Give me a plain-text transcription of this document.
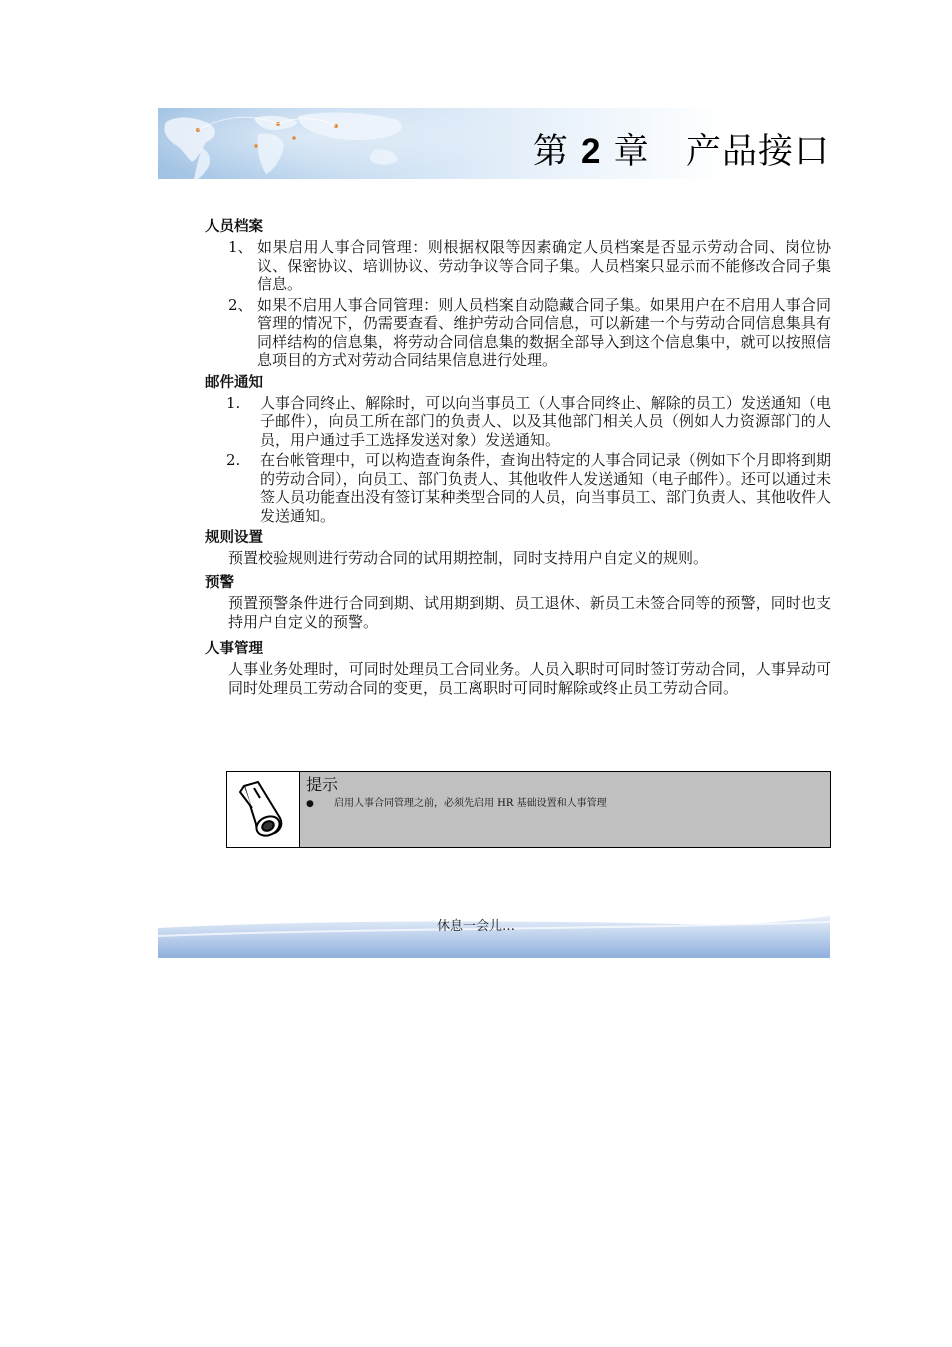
第 2 章 产品接口
人员档案
1、 如果启用人事合同管理：则根据权限等因素确定人员档案是否显示劳动合同、岗位协议、保密协议、培训协议、劳动争议等合同子集。人员档案只显示而不能修改合同子集信息。
2、 如果不启用人事合同管理：则人员档案自动隐藏合同子集。如果用户在不启用人事合同管理的情况下，仍需要查看、维护劳动合同信息，可以新建一个与劳动合同信息集具有同样结构的信息集，将劳动合同信息集的数据全部导入到这个信息集中，就可以按照信息项目的方式对劳动合同结果信息进行处理。
邮件通知
1.	人事合同终止、解除时，可以向当事员工（人事合同终止、解除的员工）发送通知（电子邮件），向员工所在部门的负责人、以及其他部门相关人员（例如人力资源部门的人员，用户通过手工选择发送对象）发送通知。
2.	在台帐管理中，可以构造查询条件，查询出特定的人事合同记录（例如下个月即将到期的劳动合同），向员工、部门负责人、其他收件人发送通知（电子邮件）。还可以通过未签人员功能查出没有签订某种类型合同的人员，向当事员工、部门负责人、其他收件人发送通知。
规则设置

预置校验规则进行劳动合同的试用期控制，同时支持用户自定义的规则。

预警

预置预警条件进行合同到期、试用期到期、员工退休、新员工未签合同等的预警，同时也支持用户自定义的预警。

人事管理

人事业务处理时，可同时处理员工合同业务。人员入职时可同时签订劳动合同，人事异动可同时处理员工劳动合同的变更，员工离职时可同时解除或终止员工劳动合同。

提示
●	启用人事合同管理之前，必须先启用 HR 基础设置和人事管理
休息一会儿…
